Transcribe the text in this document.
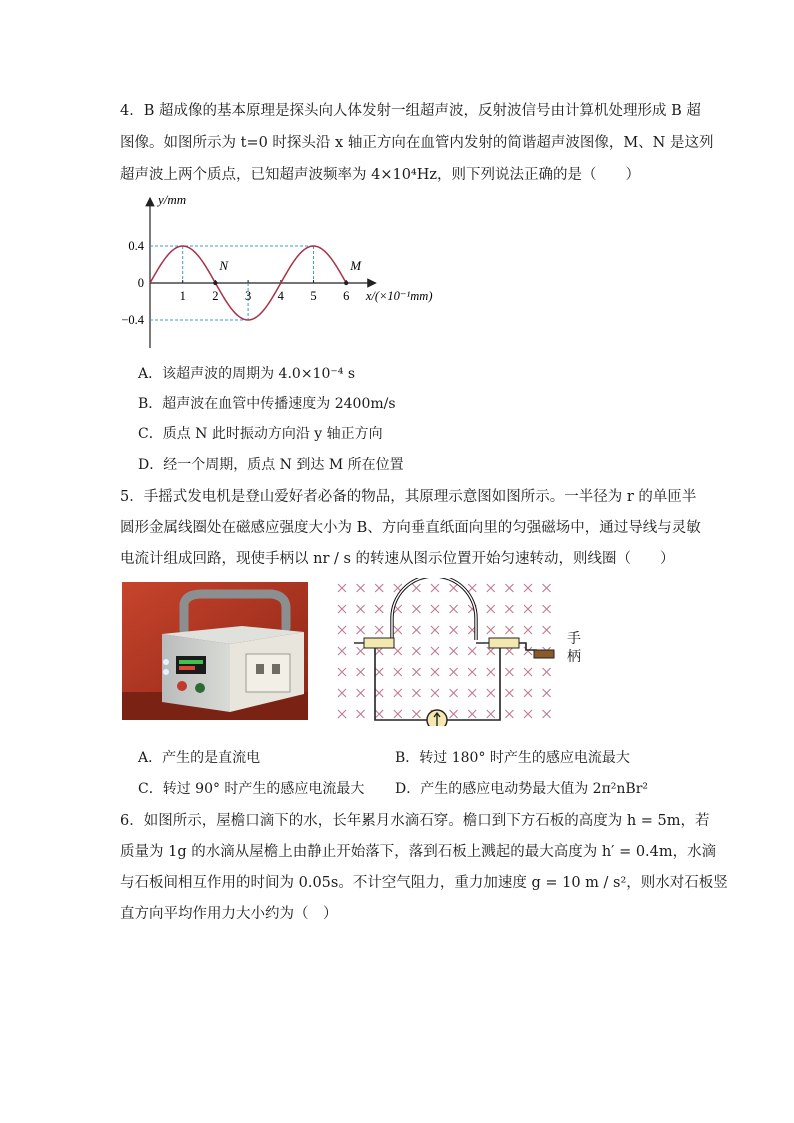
4．B 超成像的基本原理是探头向人体发射一组超声波，反射波信号由计算机处理形成 B 超
图像。如图所示为 t=0 时探头沿 x 轴正方向在血管内发射的简谐超声波图像，M、N 是这列
超声波上两个质点，已知超声波频率为 4×10⁴Hz，则下列说法正确的是（　　）
y/mm
x/(×10⁻¹mm)
0.4
0
−0.4
1 2 3 4 5 6
N	M
A．该超声波的周期为 4.0×10⁻⁴ s
B．超声波在血管中传播速度为 2400m/s
C．质点 N 此时振动方向沿 y 轴正方向
D．经一个周期，质点 N 到达 M 所在位置
5．手摇式发电机是登山爱好者必备的物品，其原理示意图如图所示。一半径为 r 的单匝半
圆形金属线圈处在磁感应强度大小为 B、方向垂直纸面向里的匀强磁场中，通过导线与灵敏
电流计组成回路，现使手柄以 nr / s 的转速从图示位置开始匀速转动，则线圈（　　）
手柄
A．产生的是直流电	B．转过 180° 时产生的感应电流最大
C．转过 90° 时产生的感应电流最大 D．产生的感应电动势最大值为 2π²nBr²
6．如图所示，屋檐口滴下的水，长年累月水滴石穿。檐口到下方石板的高度为 h = 5m，若
质量为 1g 的水滴从屋檐上由静止开始落下，落到石板上溅起的最大高度为 h′ = 0.4m，水滴
与石板间相互作用的时间为 0.05s。不计空气阻力，重力加速度 g = 10 m / s²，则水对石板竖
直方向平均作用力大小约为（　）
